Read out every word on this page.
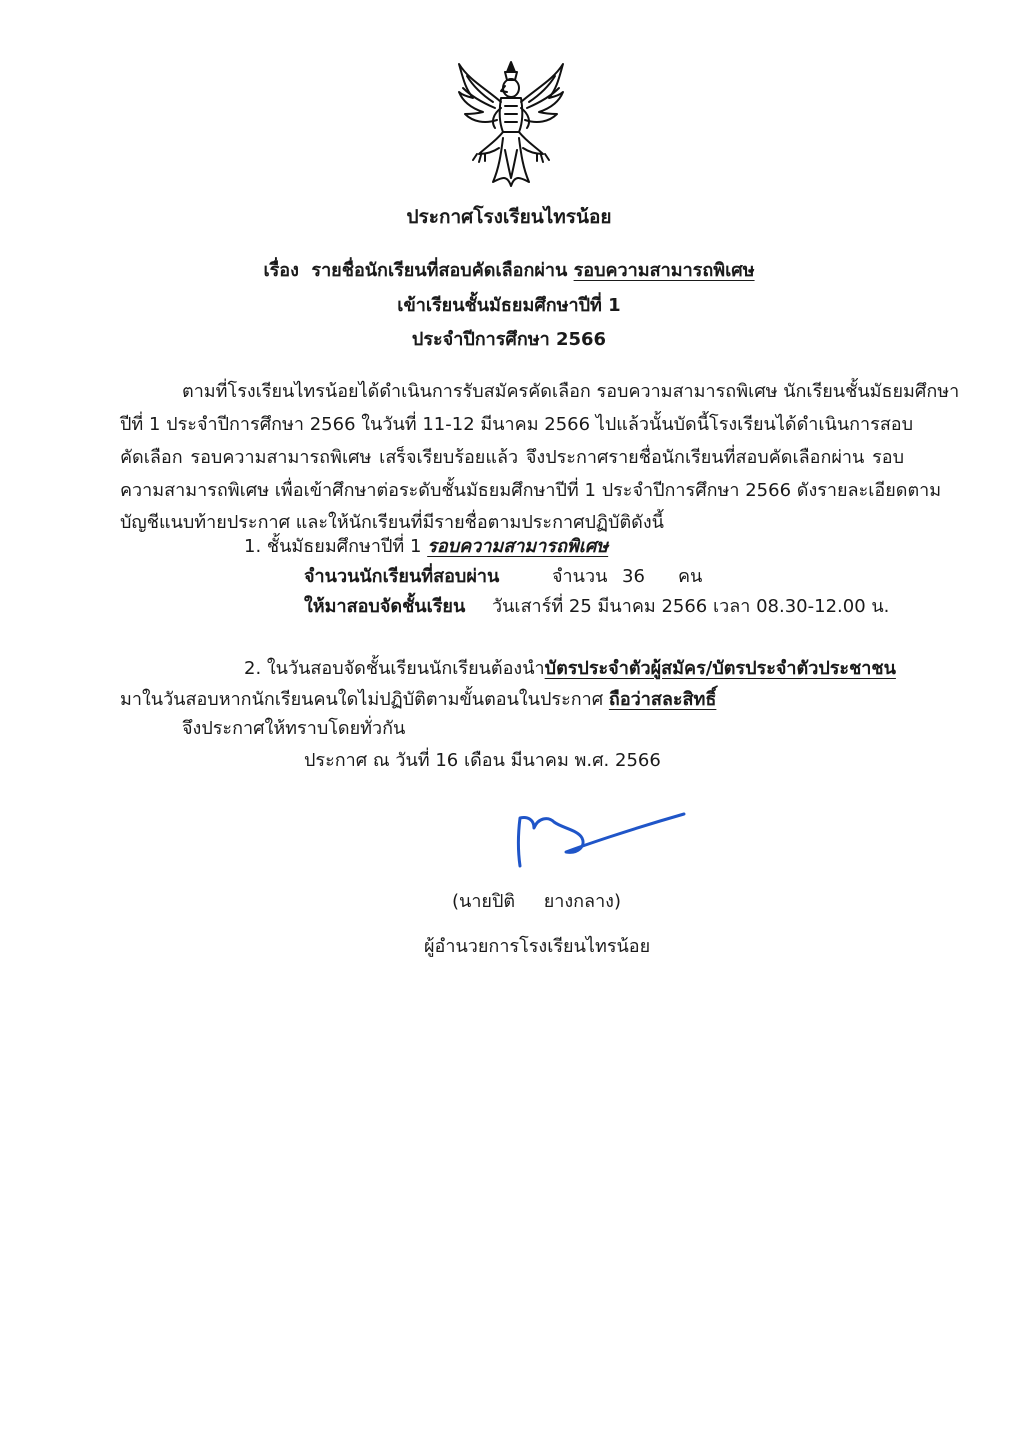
ประกาศโรงเรียนไทรน้อย
เรื่อง รายชื่อนักเรียนที่สอบคัดเลือกผ่าน รอบความสามารถพิเศษ
เข้าเรียนชั้นมัธยมศึกษาปีที่ 1
ประจำปีการศึกษา 2566
ตามที่โรงเรียนไทรน้อยได้ดำเนินการรับสมัครคัดเลือก รอบความสามารถพิเศษ นักเรียนชั้นมัธยมศึกษา
ปีที่ 1 ประจำปีการศึกษา 2566 ในวันที่ 11-12 มีนาคม 2566 ไปแล้วนั้นบัดนี้โรงเรียนได้ดำเนินการสอบ
คัดเลือก รอบความสามารถพิเศษ เสร็จเรียบร้อยแล้ว จึงประกาศรายชื่อนักเรียนที่สอบคัดเลือกผ่าน รอบ
ความสามารถพิเศษ เพื่อเข้าศึกษาต่อระดับชั้นมัธยมศึกษาปีที่ 1 ประจำปีการศึกษา 2566 ดังรายละเอียดตาม
บัญชีแนบท้ายประกาศ และให้นักเรียนที่มีรายชื่อตามประกาศปฏิบัติดังนี้
1. ชั้นมัธยมศึกษาปีที่ 1 รอบความสามารถพิเศษ
จำนวนนักเรียนที่สอบผ่าน	จำนวน 36 คน
ให้มาสอบจัดชั้นเรียน วันเสาร์ที่ 25 มีนาคม 2566 เวลา 08.30-12.00 น.
2. ในวันสอบจัดชั้นเรียนนักเรียนต้องนำบัตรประจำตัวผู้สมัคร/บัตรประจำตัวประชาชน
มาในวันสอบหากนักเรียนคนใดไม่ปฏิบัติตามขั้นตอนในประกาศ ถือว่าสละสิทธิ์
จึงประกาศให้ทราบโดยทั่วกัน
ประกาศ ณ วันที่ 16 เดือน มีนาคม พ.ศ. 2566
(นายปิติ     ยางกลาง)
ผู้อำนวยการโรงเรียนไทรน้อย
